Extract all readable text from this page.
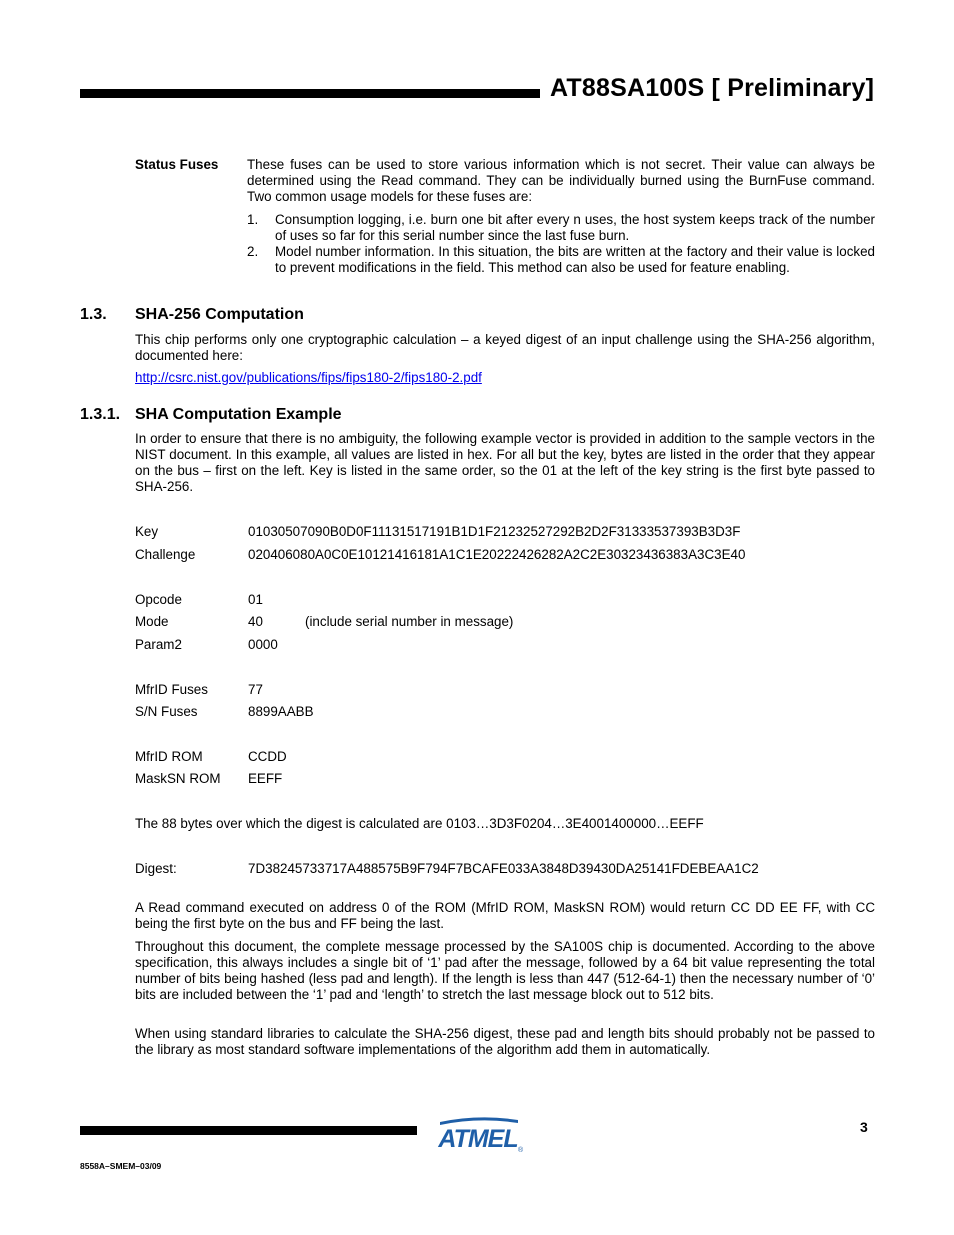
AT88SA100S [ Preliminary]
Status Fuses These fuses can be used to store various information which is not secret. Their value can always be determined using the Read command. They can be individually burned using the BurnFuse command. Two common usage models for these fuses are:
1. Consumption logging, i.e. burn one bit after every n uses, the host system keeps track of the number of uses so far for this serial number since the last fuse burn.
2. Model number information. In this situation, the bits are written at the factory and their value is locked to prevent modifications in the field. This method can also be used for feature enabling.
1.3. SHA-256 Computation
This chip performs only one cryptographic calculation – a keyed digest of an input challenge using the SHA-256 algorithm, documented here:
http://csrc.nist.gov/publications/fips/fips180-2/fips180-2.pdf
1.3.1. SHA Computation Example
In order to ensure that there is no ambiguity, the following example vector is provided in addition to the sample vectors in the NIST document. In this example, all values are listed in hex. For all but the key, bytes are listed in the order that they appear on the bus – first on the left. Key is listed in the same order, so the 01 at the left of the key string is the first byte passed to SHA-256.
Key	01030507090B0D0F11131517191B1D1F21232527292B2D2F31333537393B3D3F
Challenge	020406080A0C0E10121416181A1C1E20222426282A2C2E30323436383A3C3E40
Opcode	01
Mode	40	(include serial number in message)
Param2	0000
MfrID Fuses	77
S/N Fuses	8899AABB
MfrID ROM	CCDD
MaskSN ROM EEFF
The 88 bytes over which the digest is calculated are 0103…3D3F0204…3E4001400000…EEFF
Digest:	7D38245733717A488575B9F794F7BCAFE033A3848D39430DA25141FDEBEAA1C2
A Read command executed on address 0 of the ROM (MfrID ROM, MaskSN ROM) would return CC DD EE FF, with CC being the first byte on the bus and FF being the last.
Throughout this document, the complete message processed by the SA100S chip is documented. According to the above specification, this always includes a single bit of ‘1’ pad after the message, followed by a 64 bit value representing the total number of bits being hashed (less pad and length). If the length is less than 447 (512-64-1) then the necessary number of ‘0’ bits are included between the ‘1’ pad and ‘length’ to stretch the last message block out to 512 bits.
When using standard libraries to calculate the SHA-256 digest, these pad and length bits should probably not be passed to the library as most standard software implementations of the algorithm add them in automatically.
ATMEL ®
3
8558A–SMEM–03/09
